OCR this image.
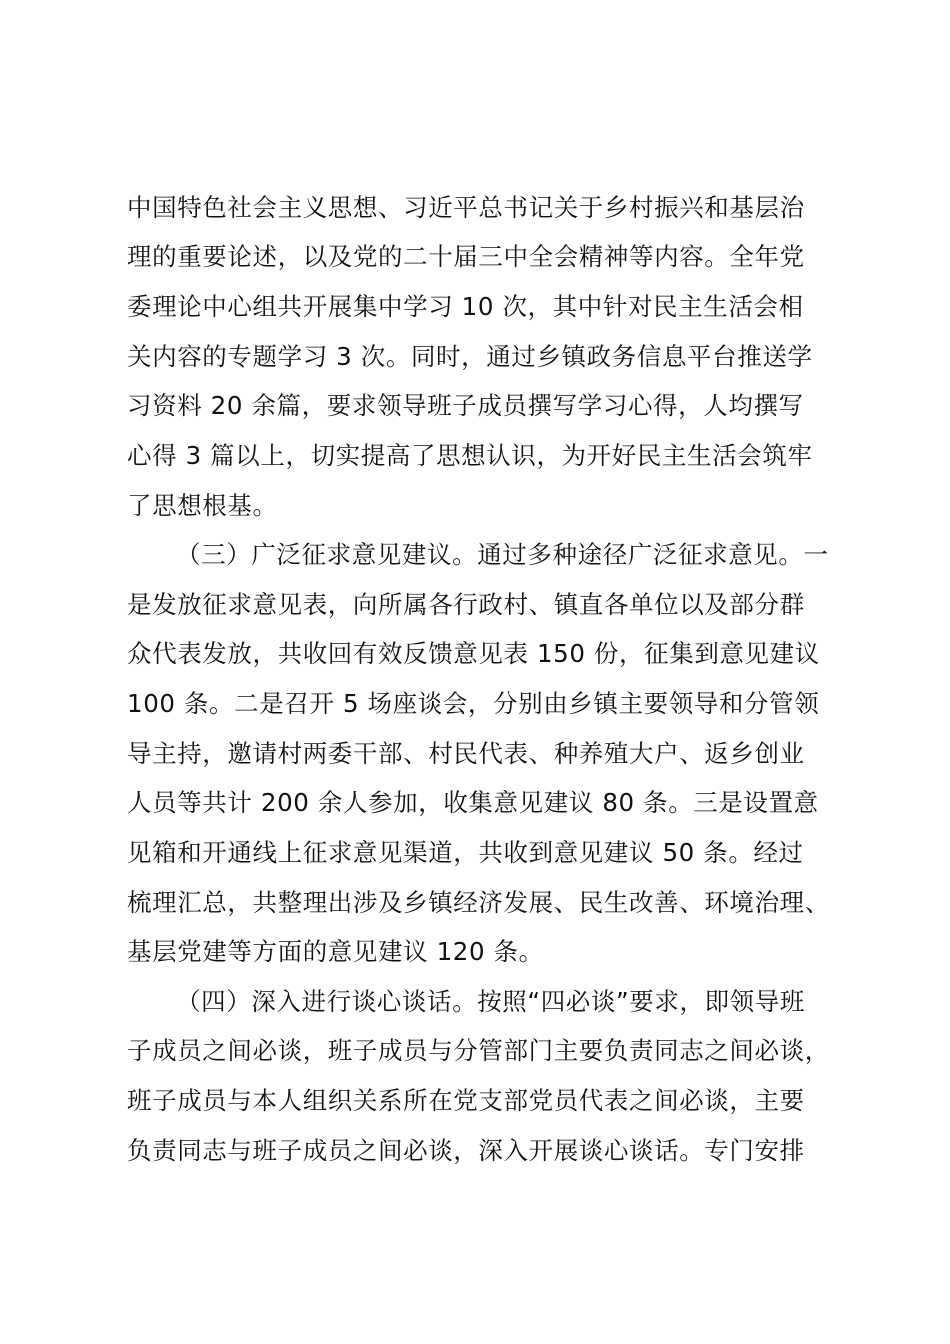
中国特色社会主义思想、习近平总书记关于乡村振兴和基层治
理的重要论述，以及党的二十届三中全会精神等内容。全年党
委理论中心组共开展集中学习 10 次，其中针对民主生活会相
关内容的专题学习 3 次。同时，通过乡镇政务信息平台推送学
习资料 20 余篇，要求领导班子成员撰写学习心得，人均撰写
心得 3 篇以上，切实提高了思想认识，为开好民主生活会筑牢
了思想根基。
（三）广泛征求意见建议。通过多种途径广泛征求意见。一
是发放征求意见表，向所属各行政村、镇直各单位以及部分群
众代表发放，共收回有效反馈意见表 150 份，征集到意见建议
100 条。二是召开 5 场座谈会，分别由乡镇主要领导和分管领
导主持，邀请村两委干部、村民代表、种养殖大户、返乡创业
人员等共计 200 余人参加，收集意见建议 80 条。三是设置意
见箱和开通线上征求意见渠道，共收到意见建议 50 条。经过
梳理汇总，共整理出涉及乡镇经济发展、民生改善、环境治理、
基层党建等方面的意见建议 120 条。
（四）深入进行谈心谈话。按照“四必谈”要求，即领导班
子成员之间必谈，班子成员与分管部门主要负责同志之间必谈，
班子成员与本人组织关系所在党支部党员代表之间必谈，主要
负责同志与班子成员之间必谈，深入开展谈心谈话。专门安排
